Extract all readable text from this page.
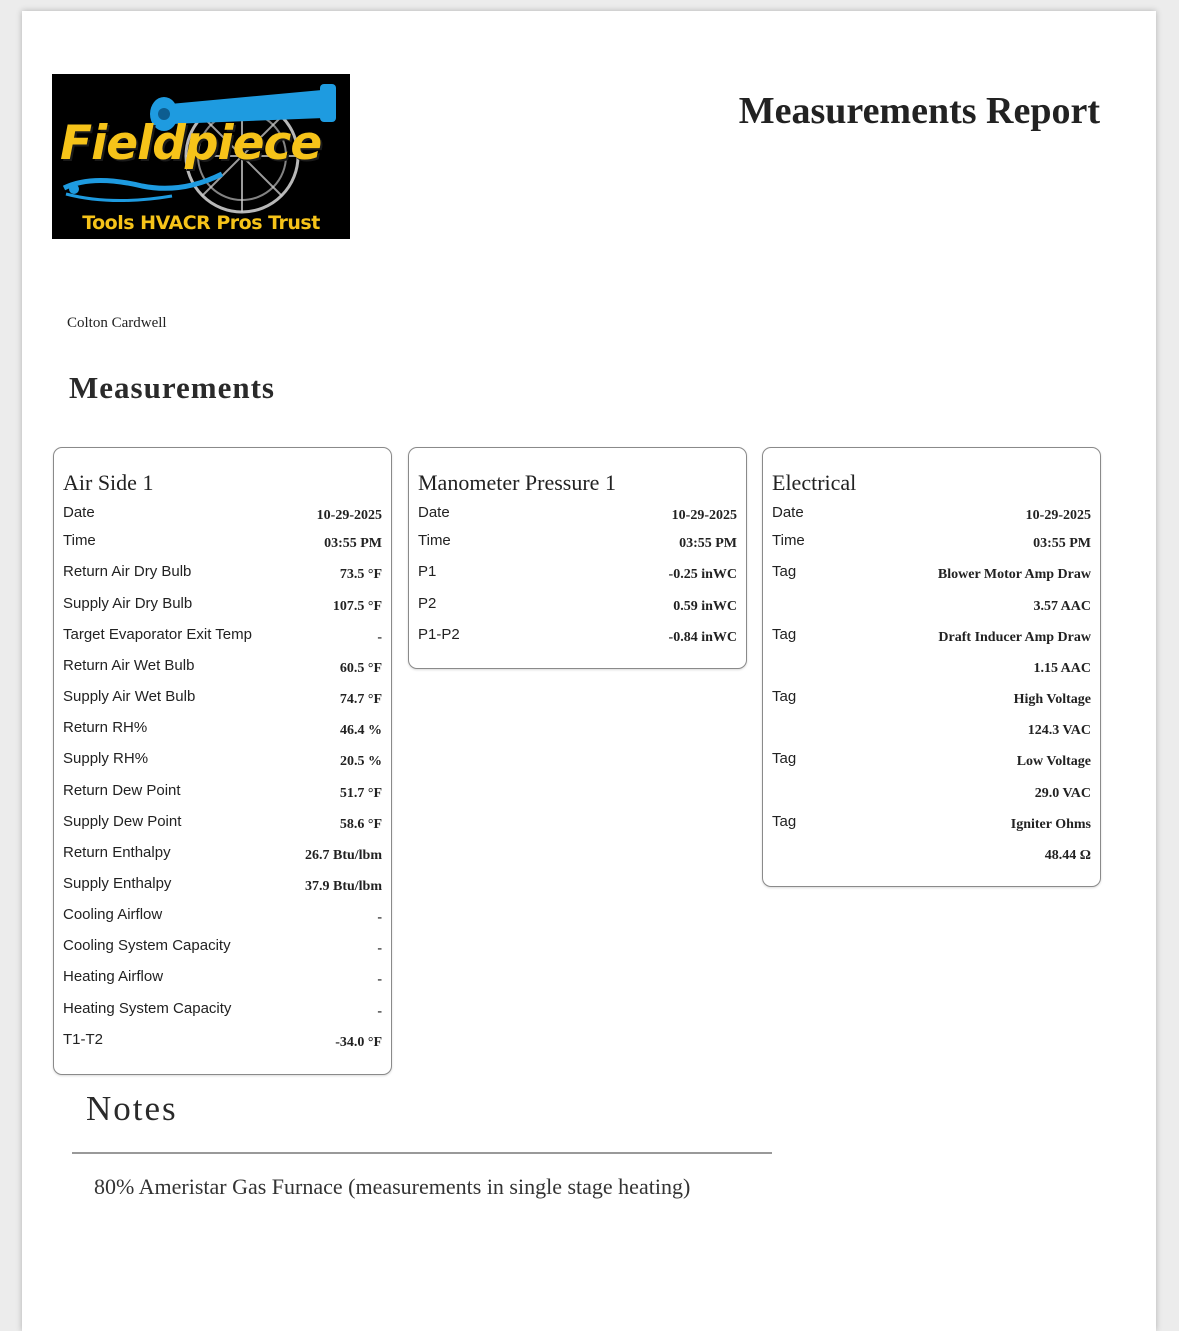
Fieldpiece
Tools HVACR Pros Trust
Measurements Report
Colton Cardwell
Measurements
Air Side 1
Date	10-29-2025
Time	03:55 PM
Return Air Dry Bulb	73.5 °F
Supply Air Dry Bulb	107.5 °F
Target Evaporator Exit Temp	-
Return Air Wet Bulb	60.5 °F
Supply Air Wet Bulb	74.7 °F
Return RH%	46.4 %
Supply RH%	20.5 %
Return Dew Point	51.7 °F
Supply Dew Point	58.6 °F
Return Enthalpy	26.7 Btu/lbm
Supply Enthalpy	37.9 Btu/lbm
Cooling Airflow	-
Cooling System Capacity	-
Heating Airflow	-
Heating System Capacity	-
T1-T2	-34.0 °F
Manometer Pressure 1
Date	10-29-2025
Time	03:55 PM
P1	-0.25 inWC
P2	0.59 inWC
P1-P2	-0.84 inWC
Electrical
Date	10-29-2025
Time	03:55 PM
Tag	Blower Motor Amp Draw
3.57 AAC
Tag	Draft Inducer Amp Draw
1.15 AAC
Tag	High Voltage
124.3 VAC
Tag	Low Voltage
29.0 VAC
Tag	Igniter Ohms
48.44 Ω
Notes
80% Ameristar Gas Furnace (measurements in single stage heating)
